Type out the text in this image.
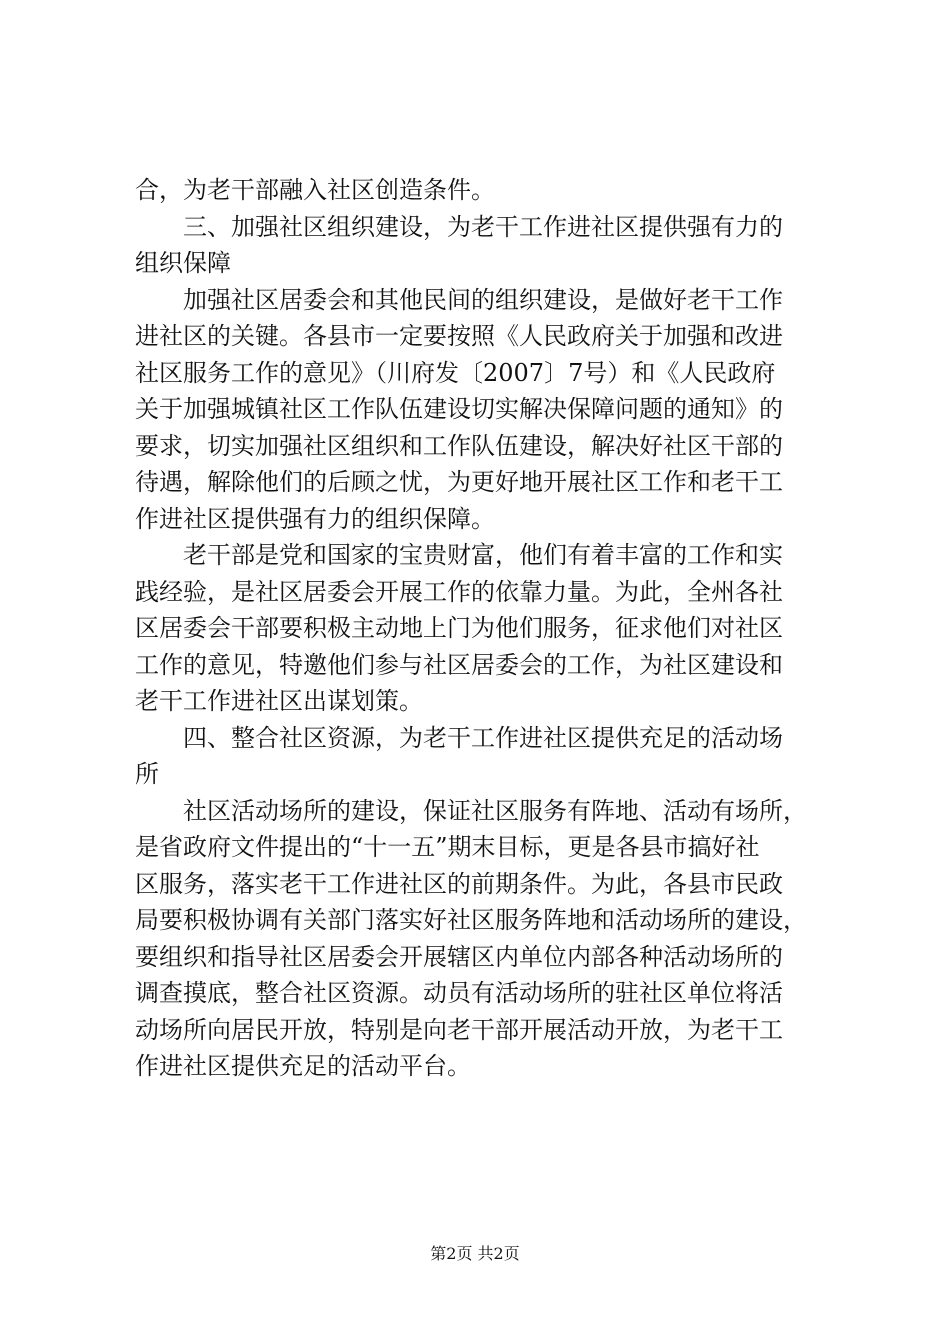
合，为老干部融入社区创造条件。
　　三、加强社区组织建设，为老干工作进社区提供强有力的
组织保障
　　加强社区居委会和其他民间的组织建设，是做好老干工作
进社区的关键。各县市一定要按照《人民政府关于加强和改进
社区服务工作的意见》（川府发〔2007〕7号）和《人民政府
关于加强城镇社区工作队伍建设切实解决保障问题的通知》的
要求，切实加强社区组织和工作队伍建设，解决好社区干部的
待遇，解除他们的后顾之忧，为更好地开展社区工作和老干工
作进社区提供强有力的组织保障。
　　老干部是党和国家的宝贵财富，他们有着丰富的工作和实
践经验，是社区居委会开展工作的依靠力量。为此，全州各社
区居委会干部要积极主动地上门为他们服务，征求他们对社区
工作的意见，特邀他们参与社区居委会的工作，为社区建设和
老干工作进社区出谋划策。
　　四、整合社区资源，为老干工作进社区提供充足的活动场
所
　　社区活动场所的建设，保证社区服务有阵地、活动有场所，
是省政府文件提出的“十一五”期末目标，更是各县市搞好社
区服务，落实老干工作进社区的前期条件。为此，各县市民政
局要积极协调有关部门落实好社区服务阵地和活动场所的建设，
要组织和指导社区居委会开展辖区内单位内部各种活动场所的
调查摸底，整合社区资源。动员有活动场所的驻社区单位将活
动场所向居民开放，特别是向老干部开展活动开放，为老干工
作进社区提供充足的活动平台。
第2页 共2页
